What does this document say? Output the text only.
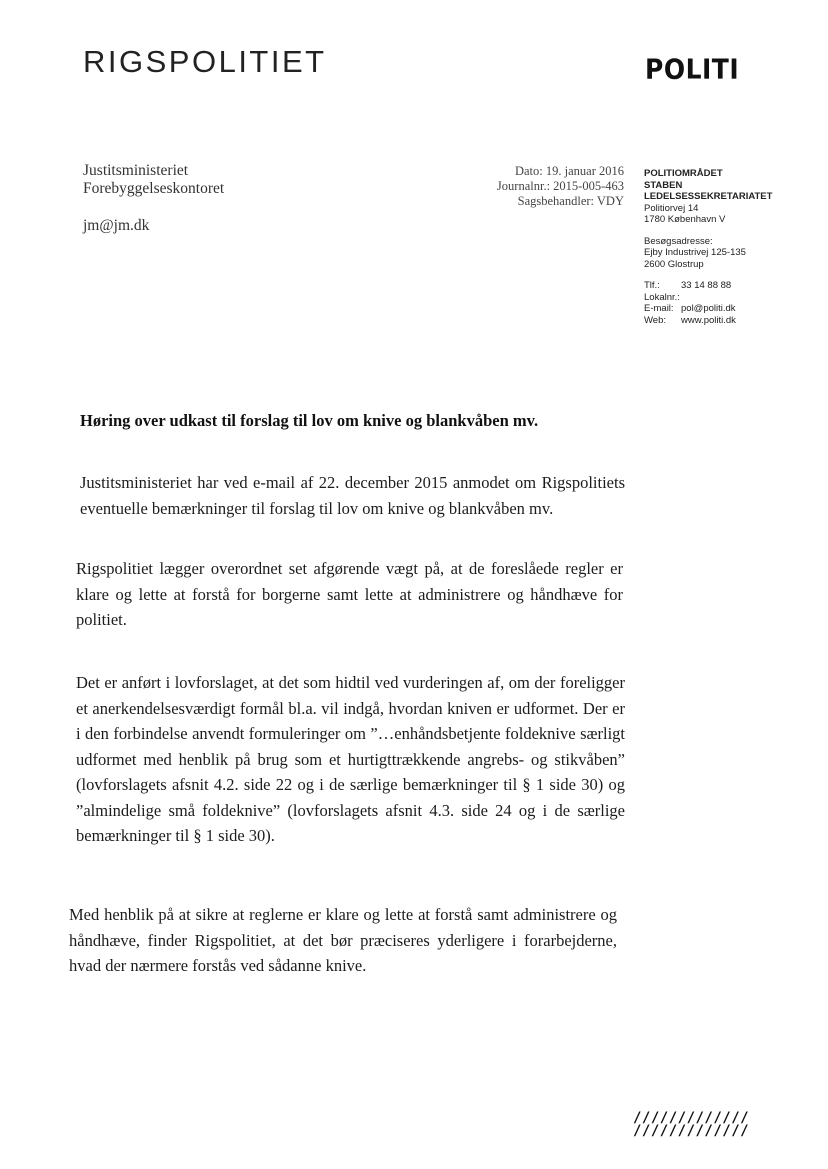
RIGSPOLITIET	POLITI
Justitsministeriet
Forebyggelseskontoret
jm@jm.dk
Dato: 19. januar 2016
Journalnr.: 2015-005-463
Sagsbehandler: VDY
POLITIOMRÅDET
STABEN
LEDELSESSEKRETARIATET
Politiorvej 14
1780 København V
Besøgsadresse:
Ejby Industrivej 125-135
2600 Glostrup
Tlf.:	33 14 88 88
Lokalnr.:
E-mail: pol@politi.dk
Web:	www.politi.dk
Høring over udkast til forslag til lov om knive og blankvåben mv.
Justitsministeriet har ved e-mail af 22. december 2015 anmodet om Rigspolitiets eventuelle bemærkninger til forslag til lov om knive og blankvåben mv.
Rigspolitiet lægger overordnet set afgørende vægt på, at de foreslåede regler er klare og lette at forstå for borgerne samt lette at administrere og håndhæve for politiet.
Det er anført i lovforslaget, at det som hidtil ved vurderingen af, om der foreligger et anerkendelsesværdigt formål bl.a. vil indgå, hvordan kniven er udformet. Der er i den forbindelse anvendt formuleringer om ”…enhåndsbetjente foldeknive særligt udformet med henblik på brug som et hurtigttrækkende angrebs- og stikvåben” (lovforslagets afsnit 4.2. side 22 og i de særlige bemærkninger til § 1 side 30) og ”almindelige små foldeknive” (lovforslagets afsnit 4.3. side 24 og i de særlige bemærkninger til § 1 side 30).
Med henblik på at sikre at reglerne er klare og lette at forstå samt administrere og håndhæve, finder Rigspolitiet, at det bør præciseres yderligere i forarbejderne, hvad der nærmere forstås ved sådanne knive.
/////////////
/////////////
